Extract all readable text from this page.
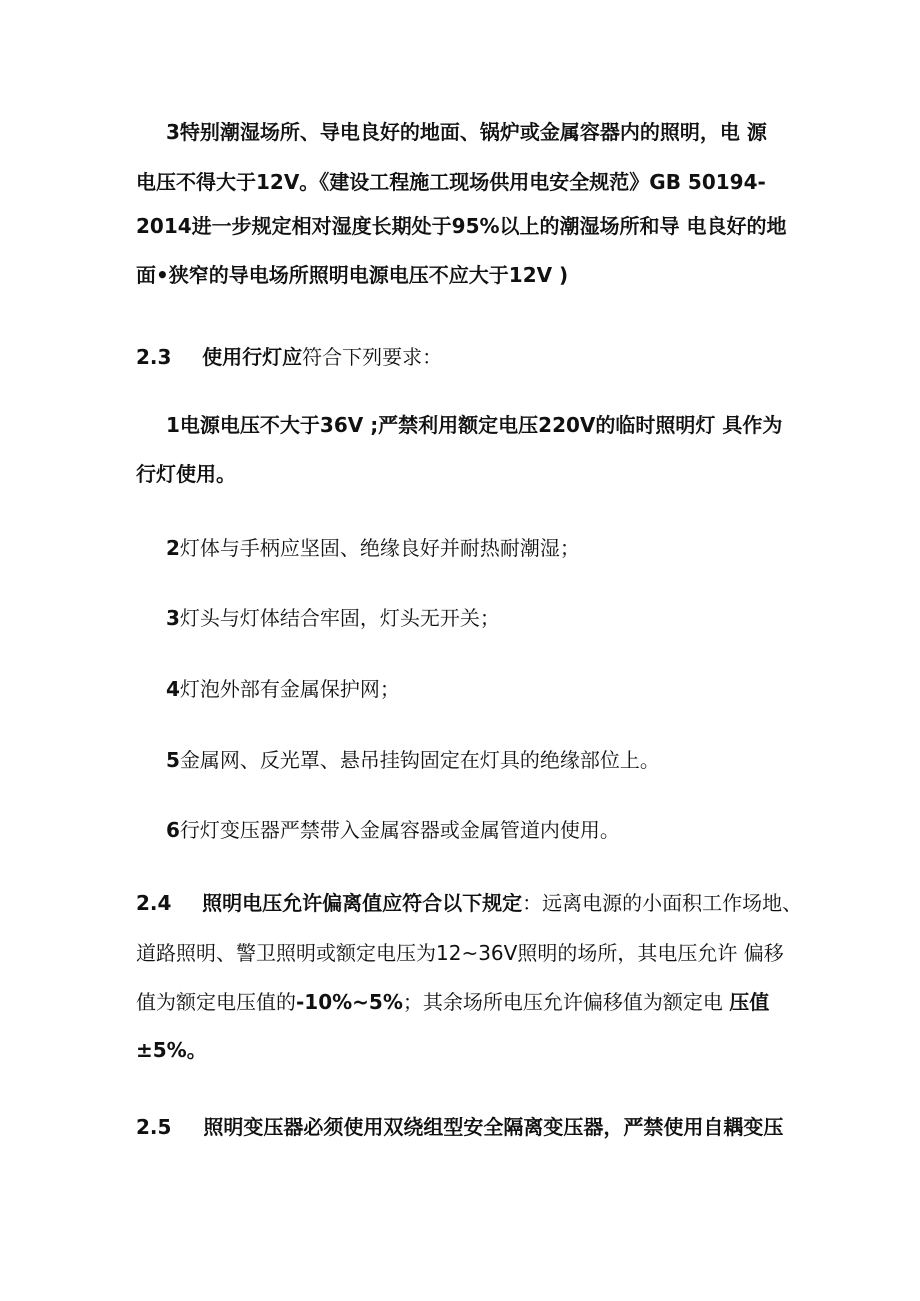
3特别潮湿场所、导电良好的地面、锅炉或金属容器内的照明，电 源
电压不得大于12V。《建设工程施工现场供用电安全规范》GB 50194-
2014进一步规定相对湿度长期处于95%以上的潮湿场所和导 电良好的地
面•狭窄的导电场所照明电源电压不应大于12V )
2.3 使用行灯应符合下列要求：
1电源电压不大于36V ;严禁利用额定电压220V的临时照明灯 具作为
行灯使用。
2灯体与手柄应坚固、绝缘良好并耐热耐潮湿；
3灯头与灯体结合牢固，灯头无开关；
4灯泡外部有金属保护网；
5金属网、反光罩、悬吊挂钩固定在灯具的绝缘部位上。
6行灯变压器严禁带入金属容器或金属管道内使用。
2.4 照明电压允许偏离值应符合以下规定：远离电源的小面积工作场地、
道路照明、警卫照明或额定电压为12~36V照明的场所，其电压允许 偏移
值为额定电压值的-10%~5%；其余场所电压允许偏移值为额定电 压值
±5%。
2.5 照明变压器必须使用双绕组型安全隔离变压器，严禁使用自耦变压
